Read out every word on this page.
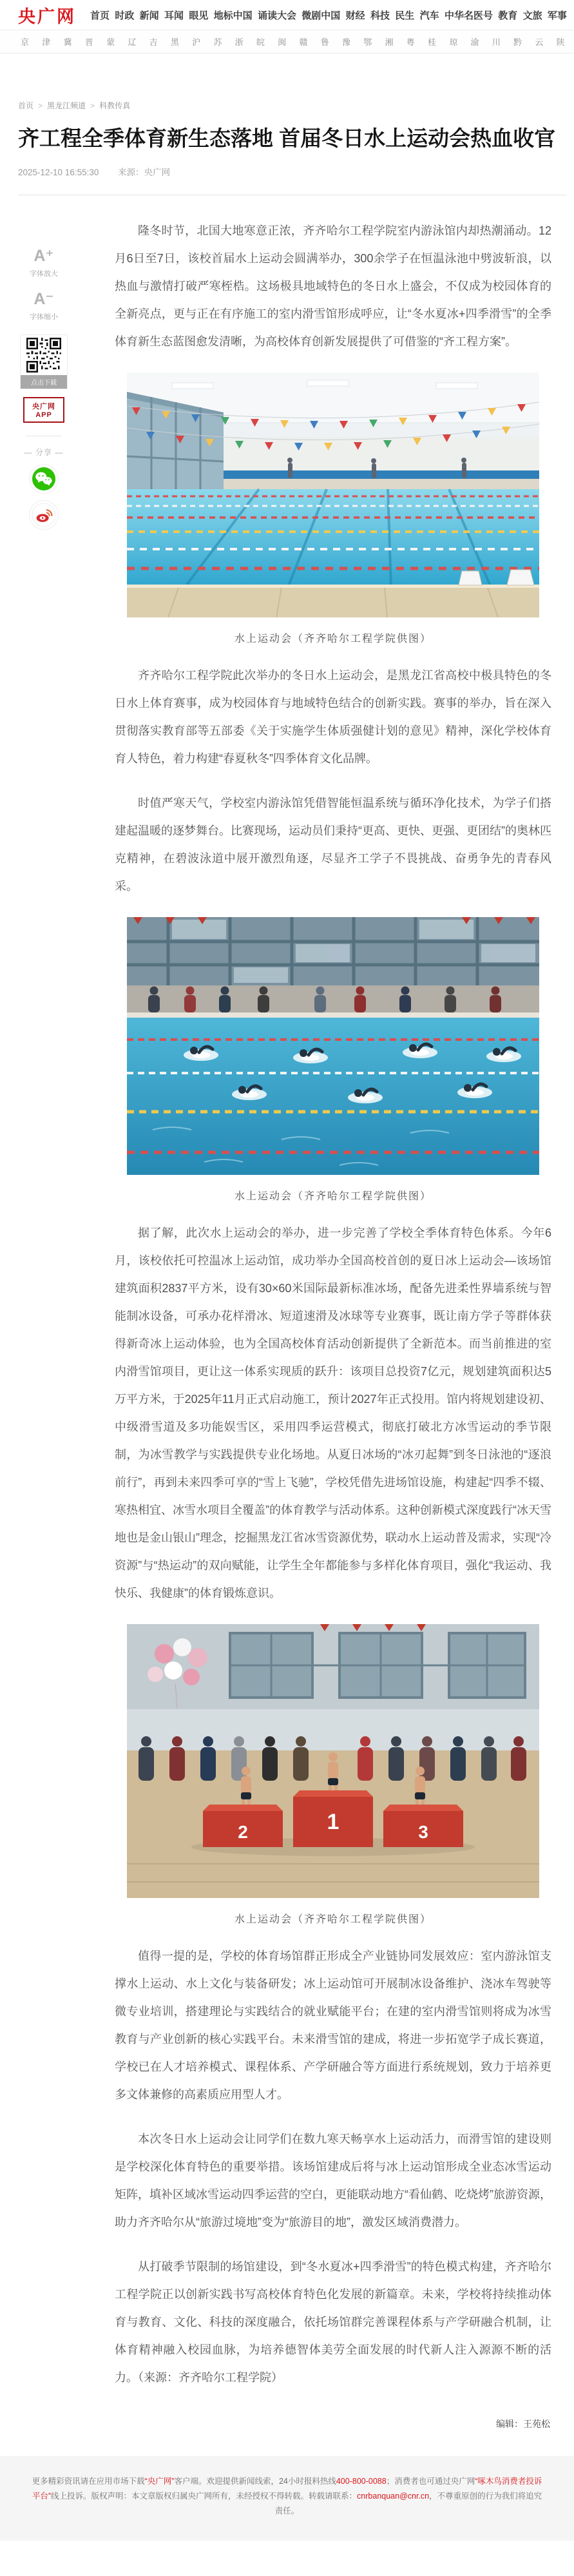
央广网 首页 时政 新闻 耳闻 眼见 地标中国 诵读大会 微剧中国 财经 科技 民生 汽车 中华名医号 教育 文旅 军事
京 津 冀 晋 蒙 辽 吉 黑 沪 苏 浙 皖 闽 赣 鲁 豫 鄂 湘 粤 桂 琼 渝 川 黔 云 陕
首页 > 黑龙江频道 > 科教传真
齐工程全季体育新生态落地 首届冬日水上运动会热血收官
2025-12-10 16:55:30 来源：央广网
A⁺
字体放大
A⁻
字体缩小
点击下载
央广网APP
— 分享 —

隆冬时节，北国大地寒意正浓，齐齐哈尔工程学院室内游泳馆内却热潮涌动。12月6日至7日，该校首届水上运动会圆满举办，300余学子在恒温泳池中劈波斩浪，以热血与激情打破严寒桎梏。这场极具地域特色的冬日水上盛会，不仅成为校园体育的全新亮点，更与正在有序施工的室内滑雪馆形成呼应，让“冬水夏冰+四季滑雪”的全季体育新生态蓝图愈发清晰，为高校体育创新发展提供了可借鉴的“齐工程方案”。

水上运动会（齐齐哈尔工程学院供图）

齐齐哈尔工程学院此次举办的冬日水上运动会，是黑龙江省高校中极具特色的冬日水上体育赛事，成为校园体育与地域特色结合的创新实践。赛事的举办，旨在深入贯彻落实教育部等五部委《关于实施学生体质强健计划的意见》精神，深化学校体育育人特色，着力构建“春夏秋冬”四季体育文化品牌。

时值严寒天气，学校室内游泳馆凭借智能恒温系统与循环净化技术，为学子们搭建起温暖的逐梦舞台。比赛现场，运动员们秉持“更高、更快、更强、更团结”的奥林匹克精神，在碧波泳道中展开激烈角逐，尽显齐工学子不畏挑战、奋勇争先的青春风采。

水上运动会（齐齐哈尔工程学院供图）

据了解，此次水上运动会的举办，进一步完善了学校全季体育特色体系。今年6月，该校依托可控温冰上运动馆，成功举办全国高校首创的夏日冰上运动会—该场馆建筑面积2837平方米，设有30×60米国际最新标准冰场，配备先进柔性界墙系统与智能制冰设备，可承办花样滑冰、短道速滑及冰球等专业赛事，既让南方学子等群体获得新奇冰上运动体验，也为全国高校体育活动创新提供了全新范本。而当前推进的室内滑雪馆项目，更让这一体系实现质的跃升：该项目总投资7亿元，规划建筑面积达5万平方米，于2025年11月正式启动施工，预计2027年正式投用。馆内将规划建设初、中级滑雪道及多功能娱雪区，采用四季运营模式，彻底打破北方冰雪运动的季节限制，为冰雪教学与实践提供专业化场地。从夏日冰场的“冰刃起舞”到冬日泳池的“逐浪前行”，再到未来四季可享的“雪上飞驰”，学校凭借先进场馆设施，构建起“四季不辍、寒热相宜、冰雪水项目全覆盖”的体育教学与活动体系。这种创新模式深度践行“冰天雪地也是金山银山”理念，挖掘黑龙江省冰雪资源优势，联动水上运动普及需求，实现“冷资源”与“热运动”的双向赋能，让学生全年都能参与多样化体育项目，强化“我运动、我快乐、我健康”的体育锻炼意识。

1
2	3
水上运动会（齐齐哈尔工程学院供图）

值得一提的是，学校的体育场馆群正形成全产业链协同发展效应：室内游泳馆支撑水上运动、水上文化与装备研发；冰上运动馆可开展制冰设备维护、浇冰车驾驶等微专业培训，搭建理论与实践结合的就业赋能平台；在建的室内滑雪馆则将成为冰雪教育与产业创新的核心实践平台。未来滑雪馆的建成，将进一步拓宽学子成长赛道，学校已在人才培养模式、课程体系、产学研融合等方面进行系统规划，致力于培养更多文体兼修的高素质应用型人才。

本次冬日水上运动会让同学们在数九寒天畅享水上运动活力，而滑雪馆的建设则是学校深化体育特色的重要举措。该场馆建成后将与冰上运动馆形成全业态冰雪运动矩阵，填补区域冰雪运动四季运营的空白，更能联动地方“看仙鹤、吃烧烤”旅游资源，助力齐齐哈尔从“旅游过境地”变为“旅游目的地”，激发区域消费潜力。

从打破季节限制的场馆建设，到“冬水夏冰+四季滑雪”的特色模式构建，齐齐哈尔工程学院正以创新实践书写高校体育特色化发展的新篇章。未来，学校将持续推动体育与教育、文化、科技的深度融合，依托场馆群完善课程体系与产学研融合机制，让体育精神融入校园血脉，为培养德智体美劳全面发展的时代新人注入源源不断的活力。（来源：齐齐哈尔工程学院）

编辑：王苑松
更多精彩资讯请在应用市场下载“央广网”客户端。欢迎提供新闻线索，24小时报料热线400-800-0088；消费者也可通过央广网“啄木鸟消费者投诉平台”线上投诉。版权声明：本文章版权归属央广网所有，未经授权不得转载。转载请联系：cnrbanquan@cnr.cn，不尊重原创的行为我们将追究责任。
